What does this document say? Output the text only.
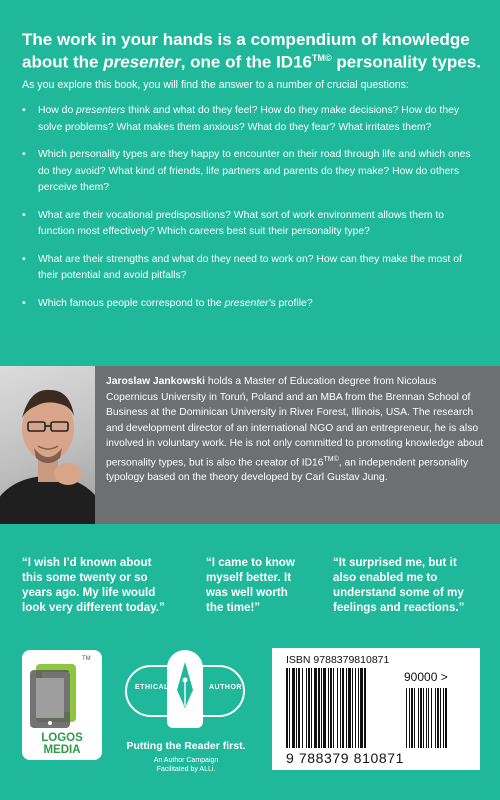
The work in your hands is a compendium of knowledge about the presenter, one of the $ID16^{TM©}$ personality types.
As you explore this book, you will find the answer to a number of crucial questions:
• How do presenters think and what do they feel? How do they make decisions? How do they solve problems? What makes them anxious? What do they fear? What irritates them?
• Which personality types are they happy to encounter on their road through life and which ones do they avoid? What kind of friends, life partners and parents do they make? How do others perceive them?
• What are their vocational predispositions? What sort of work environment allows them to function most effectively? Which careers best suit their personality type?
• What are their strengths and what do they need to work on? How can they make the most of their potential and avoid pitfalls?
• Which famous people correspond to the presenter's profile?
Jaroslaw Jankowski holds a Master of Education degree from Nicolaus Copernicus University in Toruń, Poland and an MBA from the Brennan School of Business at the Dominican University in River Forest, Illinois, USA. The research and development director of an international NGO and an entrepreneur, he is also involved in voluntary work. He is not only committed to promoting knowledge about personality types, but is also the creator of $ID16^{TM©}$, an independent personality typology based on the theory developed by Carl Gustav Jung.
“I wish I’d known about this some twenty or so years ago. My life would look very different today.”
“I came to know myself better. It was well worth the time!”
“It surprised me, but it also enabled me to understand some of my feelings and reactions.”
TM
LOGOS
MEDIA
ETHICAL	AUTHOR
Putting the Reader first.
An Author Campaign
Facilitated by ALLi.
ISBN 9788379810871
90000 >
9 788379 810871
